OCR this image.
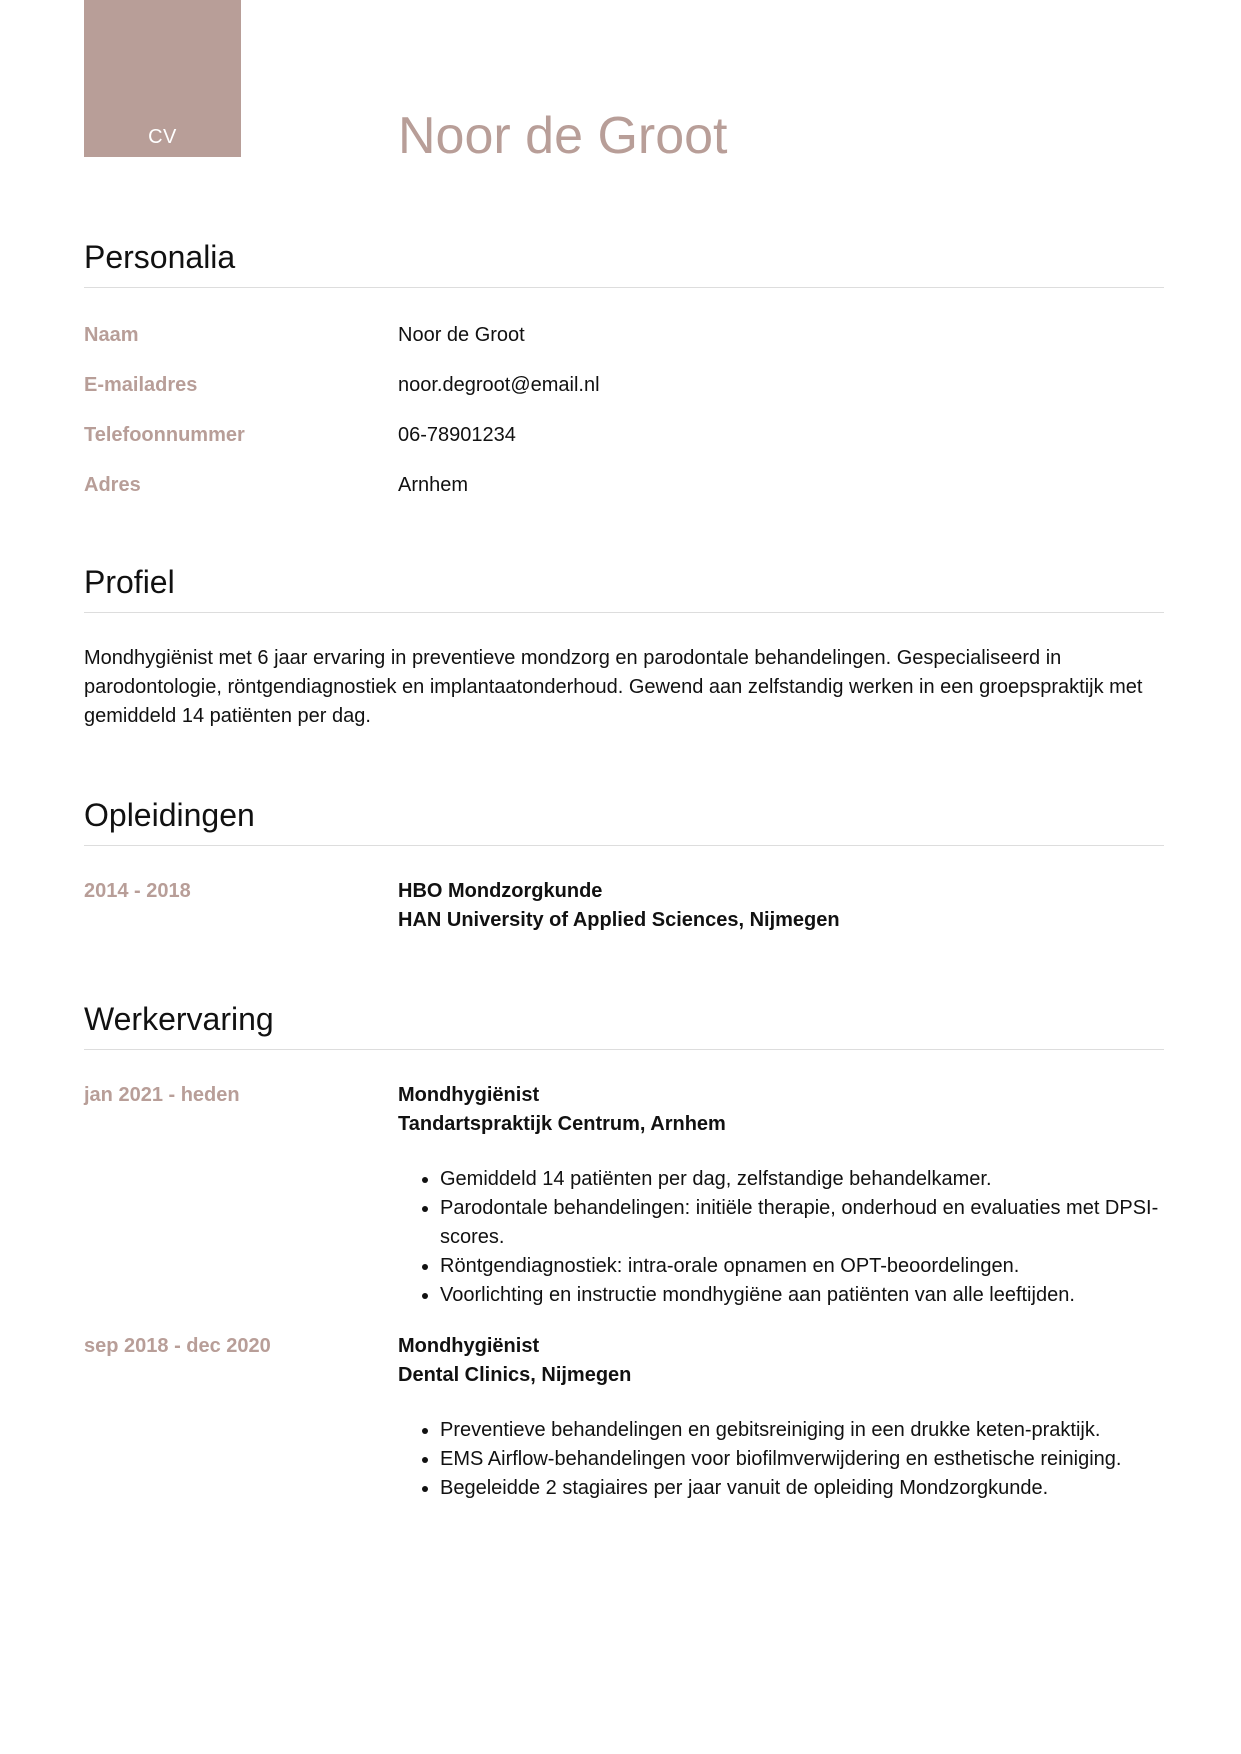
CV	Noor de Groot
Personalia
Naam	Noor de Groot
E-mailadres	noor.degroot@email.nl
Telefoonnummer	06-78901234
Adres	Arnhem
Profiel

Mondhygiënist met 6 jaar ervaring in preventieve mondzorg en parodontale behandelingen. Gespecialiseerd in parodontologie, röntgendiagnostiek en implantaatonderhoud. Gewend aan zelfstandig werken in een groepspraktijk met gemiddeld 14 patiënten per dag.

Opleidingen
2014 - 2018	HBO Mondzorgkunde
HAN University of Applied Sciences, Nijmegen
Werkervaring
jan 2021 - heden	Mondhygiënist
Tandartspraktijk Centrum, Arnhem
• Gemiddeld 14 patiënten per dag, zelfstandige behandelkamer.
• Parodontale behandelingen: initiële therapie, onderhoud en evaluaties met DPSI-scores.
• Röntgendiagnostiek: intra-orale opnamen en OPT-beoordelingen.
• Voorlichting en instructie mondhygiëne aan patiënten van alle leeftijden.
sep 2018 - dec 2020	Mondhygiënist
Dental Clinics, Nijmegen
• Preventieve behandelingen en gebitsreiniging in een drukke keten-praktijk.
• EMS Airflow-behandelingen voor biofilmverwijdering en esthetische reiniging.
• Begeleidde 2 stagiaires per jaar vanuit de opleiding Mondzorgkunde.
